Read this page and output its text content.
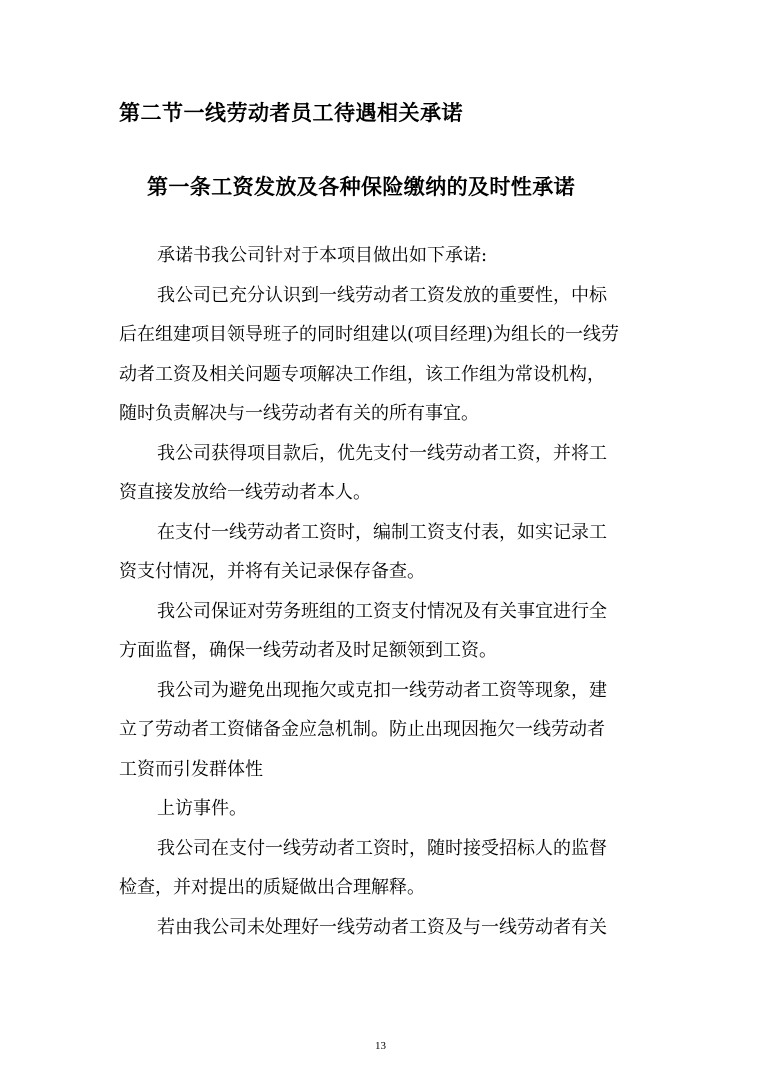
第二节一线劳动者员工待遇相关承诺
第一条工资发放及各种保险缴纳的及时性承诺
承诺书我公司针对于本项目做出如下承诺:
我公司已充分认识到一线劳动者工资发放的重要性，中标
后在组建项目领导班子的同时组建以(项目经理)为组长的一线劳
动者工资及相关问题专项解决工作组，该工作组为常设机构，
随时负责解决与一线劳动者有关的所有事宜。
我公司获得项目款后，优先支付一线劳动者工资，并将工
资直接发放给一线劳动者本人。
在支付一线劳动者工资时，编制工资支付表，如实记录工
资支付情况，并将有关记录保存备查。
我公司保证对劳务班组的工资支付情况及有关事宜进行全
方面监督，确保一线劳动者及时足额领到工资。
我公司为避免出现拖欠或克扣一线劳动者工资等现象，建
立了劳动者工资储备金应急机制。防止出现因拖欠一线劳动者
工资而引发群体性
上访事件。
我公司在支付一线劳动者工资时，随时接受招标人的监督
检查，并对提出的质疑做出合理解释。
若由我公司未处理好一线劳动者工资及与一线劳动者有关
13
